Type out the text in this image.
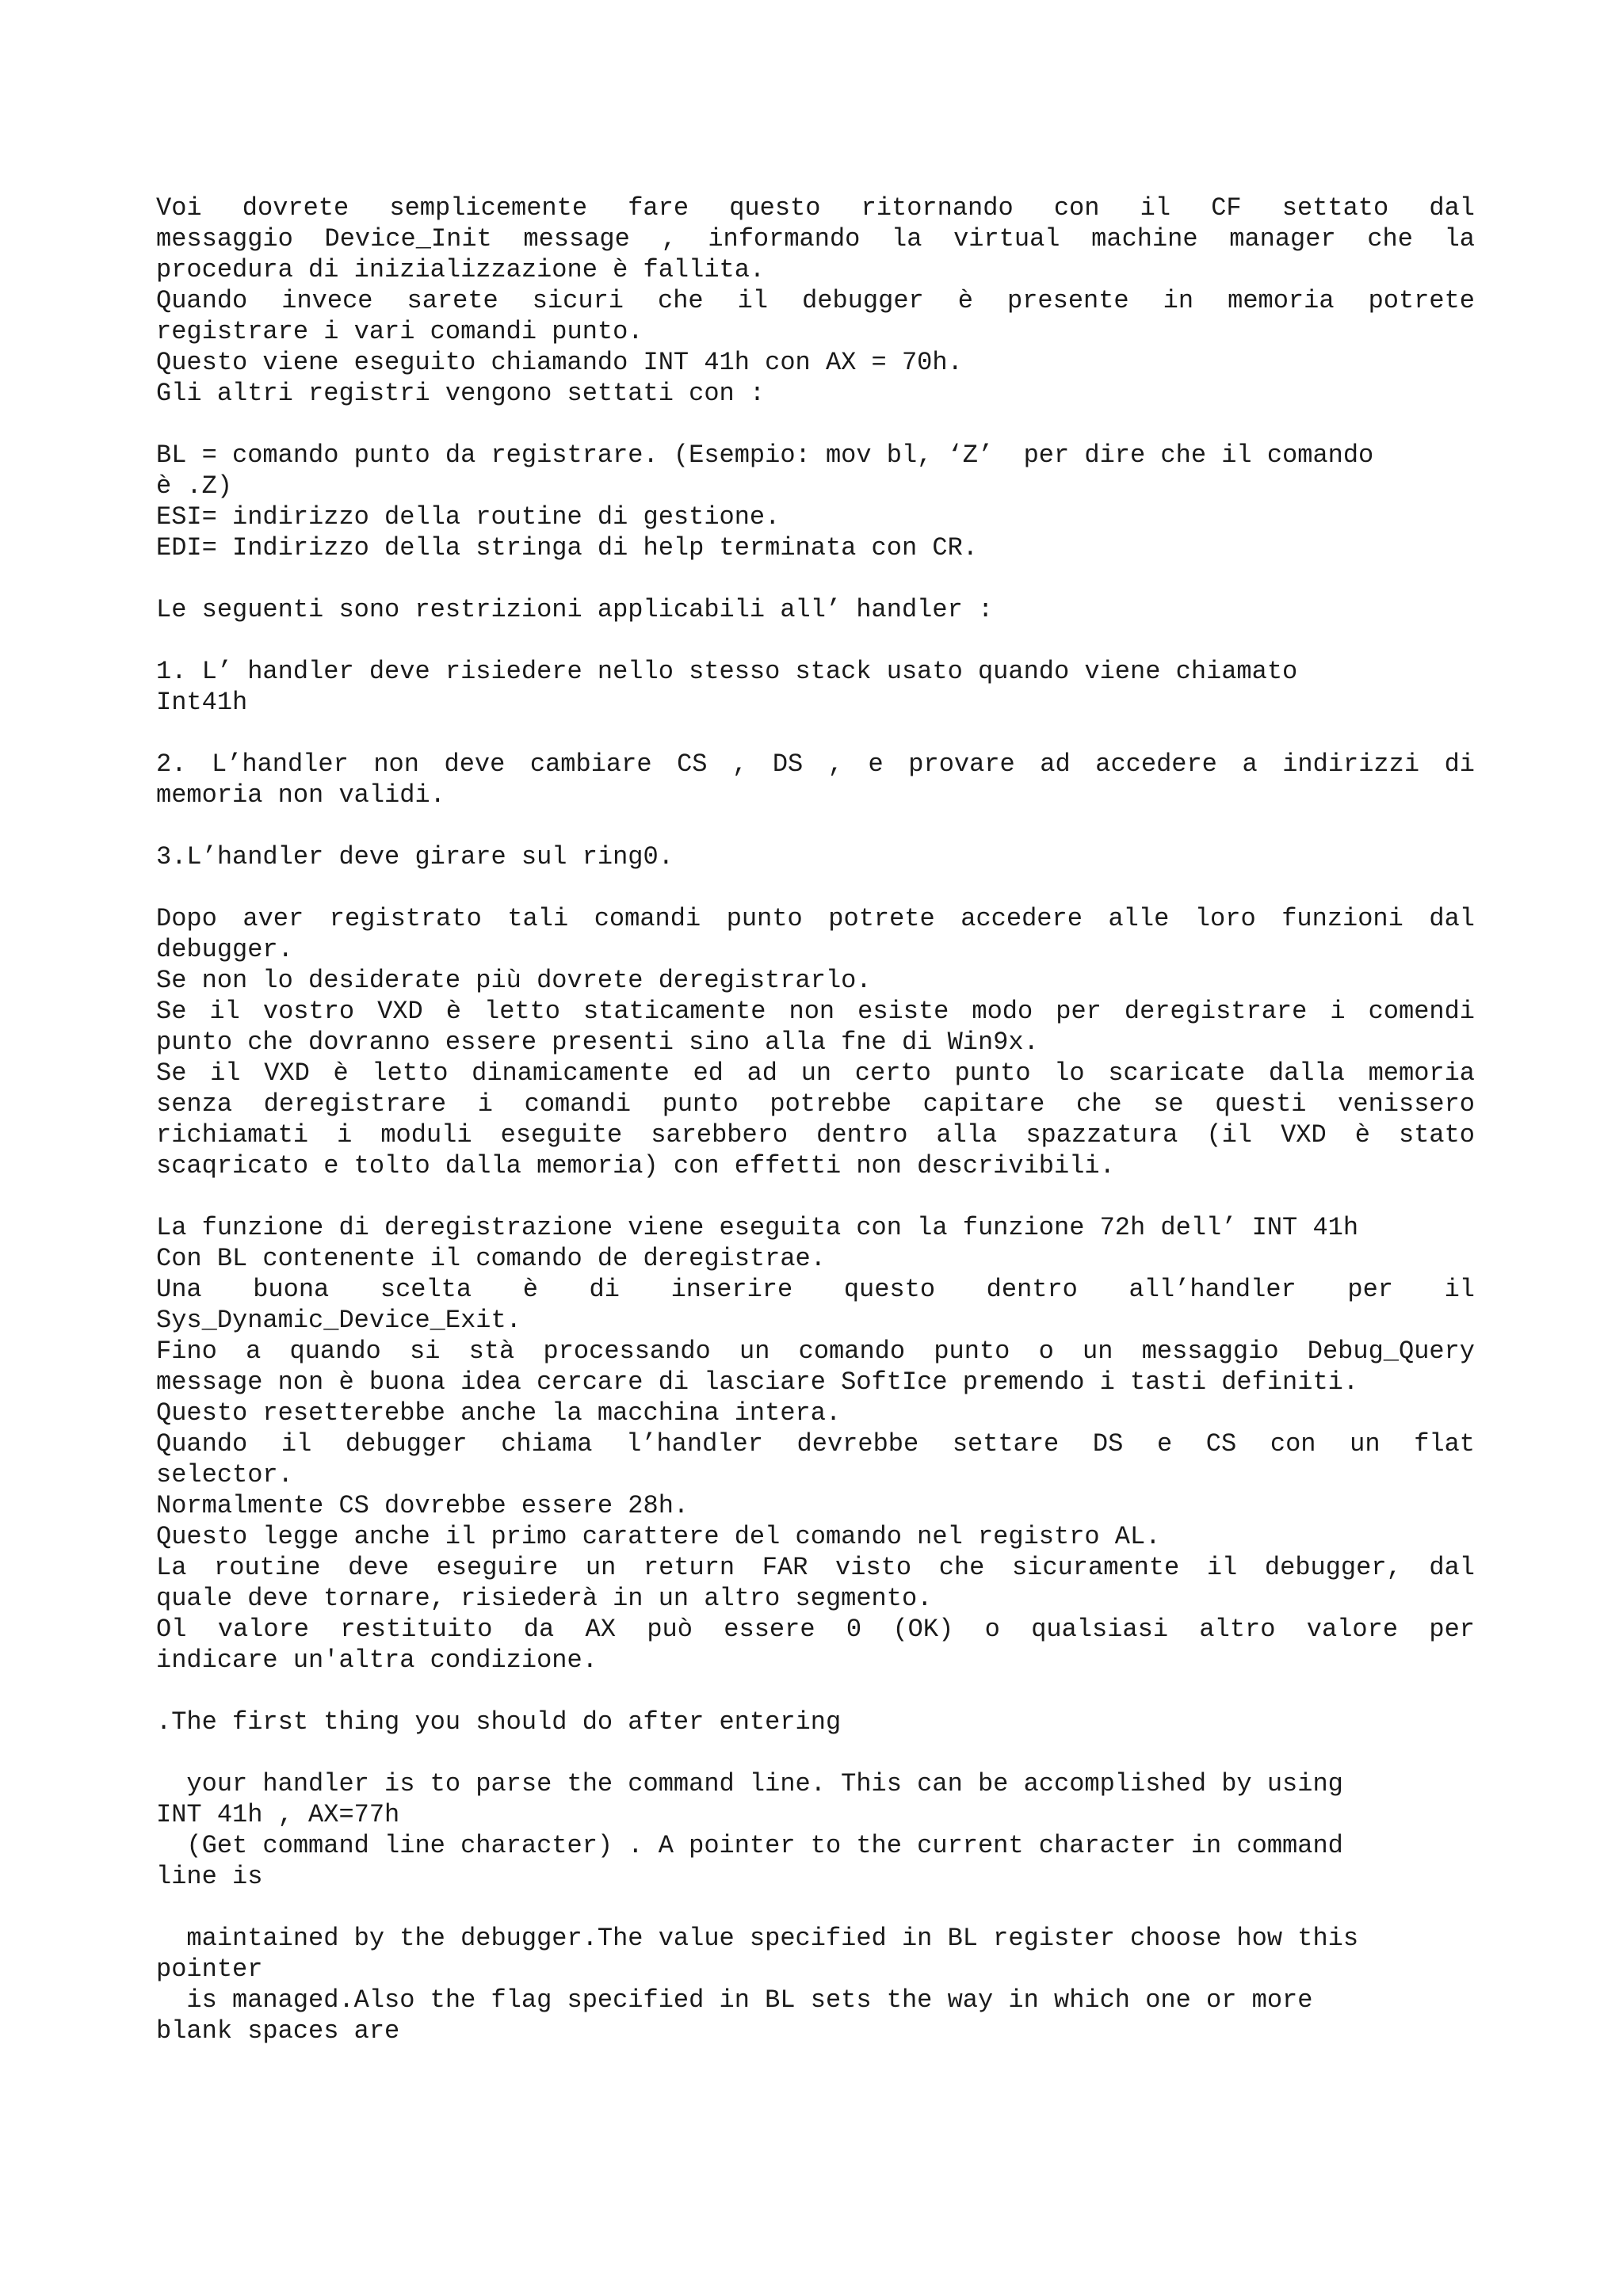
Voi dovrete semplicemente fare questo ritornando con il CF settato dal
messaggio Device_Init message , informando la virtual machine manager che la
procedura di inizializzazione è fallita.
Quando invece sarete sicuri che il debugger è presente in memoria potrete
registrare i vari comandi punto.
Questo viene eseguito chiamando INT 41h con AX = 70h.
Gli altri registri vengono settati con :
BL = comando punto da registrare. (Esempio: mov bl, ‘Z’  per dire che il comando
è .Z)
ESI= indirizzo della routine di gestione.
EDI= Indirizzo della stringa di help terminata con CR.
Le seguenti sono restrizioni applicabili all’ handler :
1. L’ handler deve risiedere nello stesso stack usato quando viene chiamato
Int41h
2. L’handler non deve cambiare CS , DS , e provare ad accedere a indirizzi di
memoria non validi.
3.L’handler deve girare sul ring0.
Dopo aver registrato tali comandi punto potrete accedere alle loro funzioni dal
debugger.
Se non lo desiderate più dovrete deregistrarlo.
Se il vostro VXD è letto staticamente non esiste modo per deregistrare i comendi
punto che dovranno essere presenti sino alla fne di Win9x.
Se il VXD è letto dinamicamente ed ad un certo punto lo scaricate dalla memoria
senza deregistrare i comandi punto potrebbe capitare che se questi venissero
richiamati i moduli eseguite sarebbero dentro alla spazzatura (il VXD è stato
scaqricato e tolto dalla memoria) con effetti non descrivibili.
La funzione di deregistrazione viene eseguita con la funzione 72h dell’ INT 41h
Con BL contenente il comando de deregistrae.
Una buona scelta è di inserire questo dentro all’handler per il
Sys_Dynamic_Device_Exit.
Fino a quando si stà processando un comando punto o un messaggio Debug_Query
message non è buona idea cercare di lasciare SoftIce premendo i tasti definiti.
Questo resetterebbe anche la macchina intera.
Quando il debugger chiama l’handler devrebbe settare DS e CS con un flat
selector.
Normalmente CS dovrebbe essere 28h.
Questo legge anche il primo carattere del comando nel registro AL.
La routine deve eseguire un return FAR visto che sicuramente il debugger, dal
quale deve tornare, risiederà in un altro segmento.
Ol valore restituito da AX può essere 0 (OK) o qualsiasi altro valore per
indicare un'altra condizione.
.The first thing you should do after entering
your handler is to parse the command line. This can be accomplished by using
INT 41h , AX=77h
(Get command line character) . A pointer to the current character in command
line is
maintained by the debugger.The value specified in BL register choose how this
pointer
is managed.Also the flag specified in BL sets the way in which one or more
blank spaces are
